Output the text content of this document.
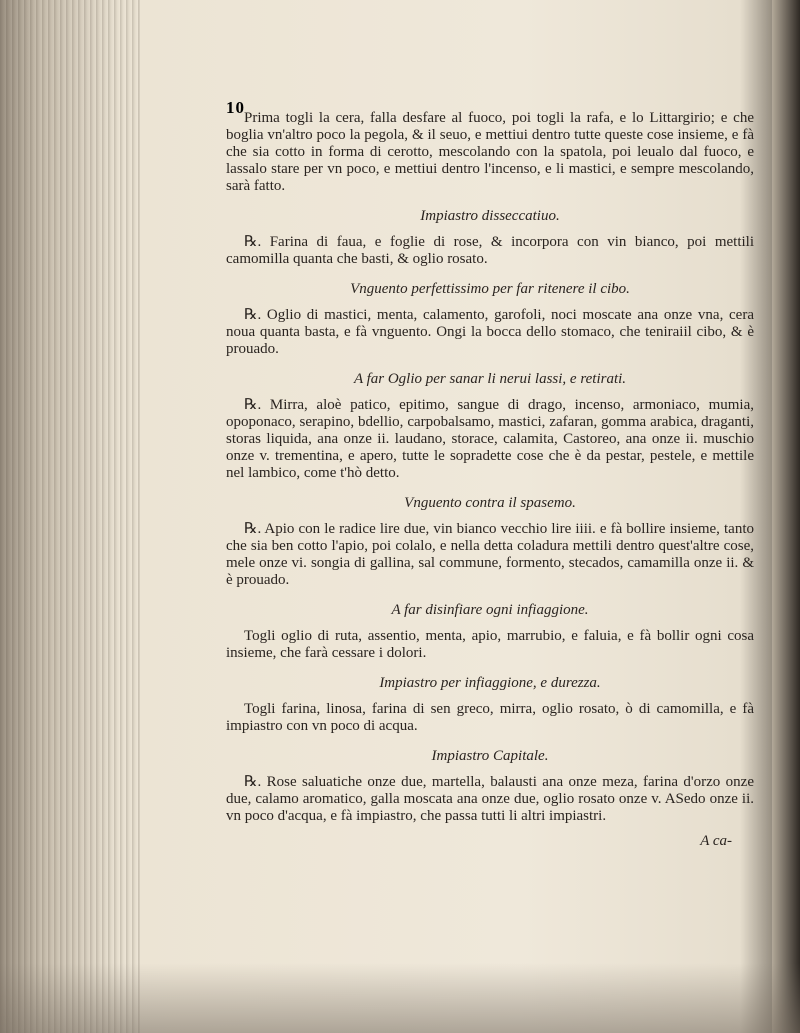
10

Prima togli la cera, falla desfare al fuoco, poi togli la rafa, e lo Littargirio; e che boglia vn'altro poco la pegola, & il seuo, e mettiui dentro tutte queste cose insieme, e fà che sia cotto in forma di cerotto, mescolando con la spatola, poi leualo dal fuoco, e lassalo stare per vn poco, e mettiui dentro l'incenso, e li mastici, e sempre mescolando, sarà fatto.

Impiastro disseccatiuo.

℞. Farina di faua, e foglie di rose, & incorpora con vin bianco, poi mettili camomilla quanta che basti, & oglio rosato.

Vnguento perfettissimo per far ritenere il cibo.

℞. Oglio di mastici, menta, calamento, garofoli, noci moscate ana onze vna, cera noua quanta basta, e fà vnguento. Ongi la bocca dello stomaco, che teniraiil cibo, & è prouado.

A far Oglio per sanar li nerui lassi, e retirati.

℞. Mirra, aloè patico, epitimo, sangue di drago, incenso, armoniaco, mumia, opoponaco, serapino, bdellio, carpobalsamo, mastici, zafaran, gomma arabica, draganti, storas liquida, ana onze ii. laudano, storace, calamita, Castoreo, ana onze ii. muschio onze v. trementina, e apero, tutte le sopradette cose che è da pestar, pestele, e mettile nel lambico, come t'hò detto.

Vnguento contra il spasemo.

℞. Apio con le radice lire due, vin bianco vecchio lire iiii. e fà bollire insieme, tanto che sia ben cotto l'apio, poi colalo, e nella detta coladura mettili dentro quest'altre cose, mele onze vi. songia di gallina, sal commune, formento, stecados, camamilla onze ii. & è prouado.

A far disinfiare ogni infiaggione.

Togli oglio di ruta, assentio, menta, apio, marrubio, e faluia, e fà bollir ogni cosa insieme, che farà cessare i dolori.

Impiastro per infiaggione, e durezza.

Togli farina, linosa, farina di sen greco, mirra, oglio rosato, ò di camomilla, e fà impiastro con vn poco di acqua.

Impiastro Capitale.

℞. Rose saluatiche onze due, martella, balausti ana onze meza, farina d'orzo onze due, calamo aromatico, galla moscata ana onze due, oglio rosato onze v. ASedo onze ii. vn poco d'acqua, e fà impiastro, che passa tutti li altri impiastri.

A ca-
